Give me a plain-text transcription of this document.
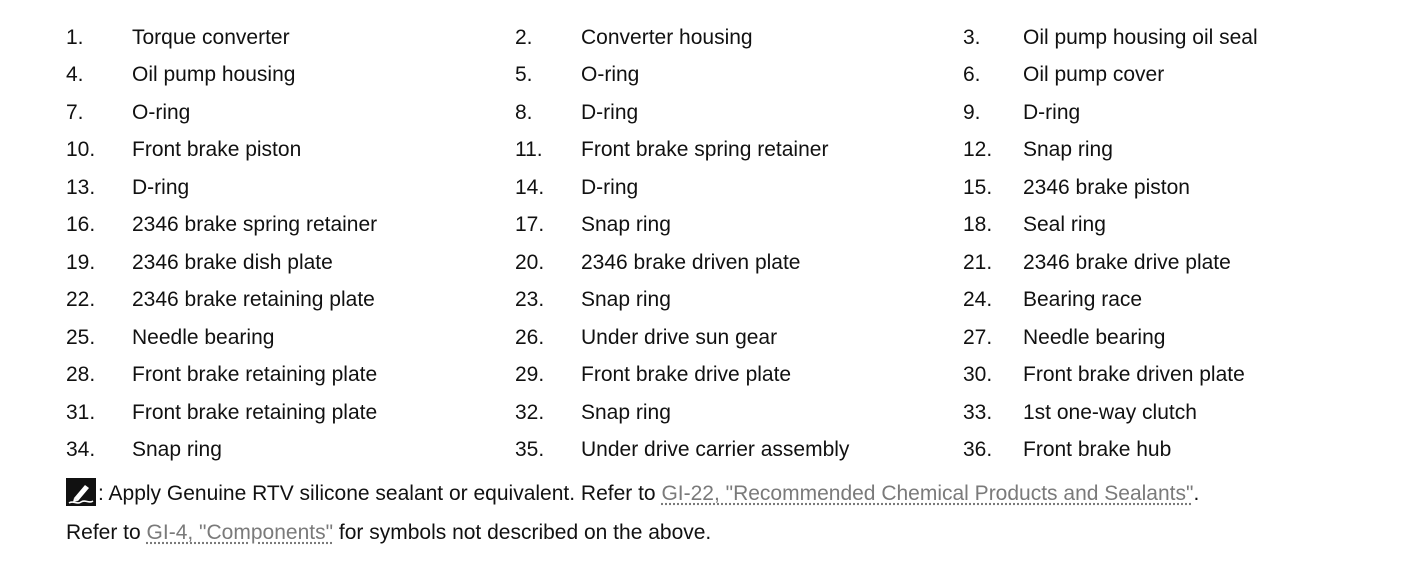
1. Torque converter	2. Converter housing	3. Oil pump housing oil seal
4. Oil pump housing	5. O-ring	6. Oil pump cover
7. O-ring	8. D-ring	9. D-ring
10. Front brake piston	11. Front brake spring retainer	12. Snap ring
13. D-ring	14. D-ring	15. 2346 brake piston
16. 2346 brake spring retainer	17. Snap ring	18. Seal ring
19. 2346 brake dish plate	20. 2346 brake driven plate	21. 2346 brake drive plate
22. 2346 brake retaining plate	23. Snap ring	24. Bearing race
25. Needle bearing	26. Under drive sun gear	27. Needle bearing
28. Front brake retaining plate	29. Front brake drive plate	30. Front brake driven plate
31. Front brake retaining plate	32. Snap ring	33. 1st one-way clutch
34. Snap ring	35. Under drive carrier assembly	36. Front brake hub
: Apply Genuine RTV silicone sealant or equivalent. Refer to GI-22, "Recommended Chemical Products and Sealants".
Refer to GI-4, "Components" for symbols not described on the above.
